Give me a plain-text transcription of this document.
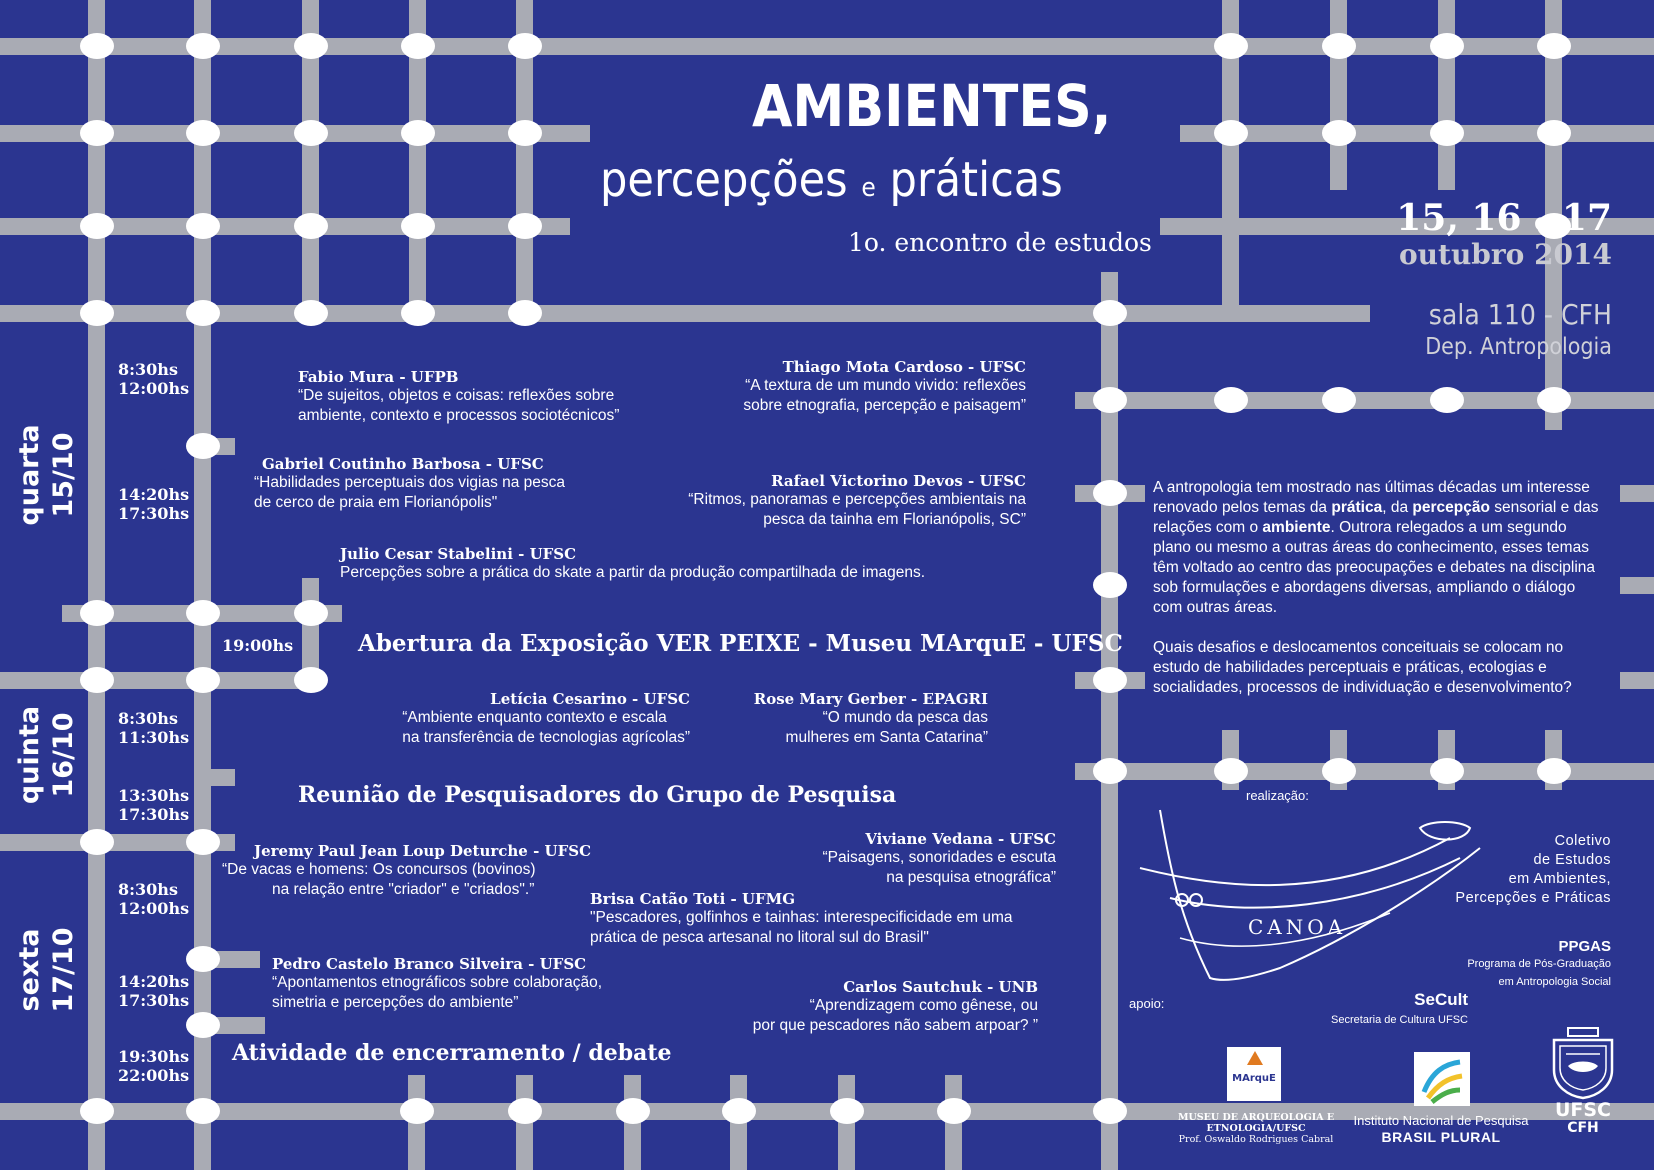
AMBIENTES,
percepções e práticas
1o. encontro de estudos
15, 16 e 17
outubro 2014
sala 110 - CFH
Dep. Antropologia
quarta 15/10
quinta 16/10
sexta 17/10
8:30hs
12:00hs
14:20hs
17:30hs
19:00hs
8:30hs
11:30hs
13:30hs
17:30hs
8:30hs
12:00hs
14:20hs
17:30hs
19:30hs
22:00hs
Fabio Mura - UFPB
“De sujeitos, objetos e coisas: reflexões sobre
ambiente, contexto e processos sociotécnicos”
Thiago Mota Cardoso - UFSC
“A textura de um mundo vivido: reflexões
sobre etnografia, percepção e paisagem”
Gabriel Coutinho Barbosa - UFSC
“Habilidades perceptuais dos vigias na pesca
de cerco de praia em Florianópolis"
Rafael Victorino Devos - UFSC
“Ritmos, panoramas e percepções ambientais na
pesca da tainha em Florianópolis, SC”
Julio Cesar Stabelini - UFSC
Percepções sobre a prática do skate a partir da produção compartilhada de imagens.
Abertura da Exposição VER PEIXE - Museu MArquE - UFSC
Letícia Cesarino - UFSC
“Ambiente enquanto contexto e escala
na transferência de tecnologias agrícolas”
Rose Mary Gerber - EPAGRI
“O mundo da pesca das
mulheres em Santa Catarina”
Reunião de Pesquisadores do Grupo de Pesquisa
Jeremy Paul Jean Loup Deturche - UFSC
“De vacas e homens: Os concursos (bovinos)
na relação entre "criador" e "criados".”
Viviane Vedana - UFSC
“Paisagens, sonoridades e escuta
na pesquisa etnográfica”
Brisa Catão Toti - UFMG
"Pescadores, golfinhos e tainhas: interespecificidade em uma
prática de pesca artesanal no litoral sul do Brasil"
Pedro Castelo Branco Silveira - UFSC
“Apontamentos etnográficos sobre colaboração,
simetria e percepções do ambiente”
Carlos Sautchuk - UNB
“Aprendizagem como gênese, ou
por que pescadores não sabem arpoar? ”
Atividade de encerramento / debate
A antropologia tem mostrado nas últimas décadas um interesse
renovado pelos temas da prática, da percepção sensorial e das
relações com o ambiente. Outrora relegados a um segundo
plano ou mesmo a outras áreas do conhecimento, esses temas
têm voltado ao centro das preocupações e debates na disciplina
sob formulações e abordagens diversas, ampliando o diálogo
com outras áreas.
Quais desafios e deslocamentos conceituais se colocam no
estudo de habilidades perceptuais e práticas, ecologias e
socialidades, processos de individuação e desenvolvimento?
realização:
CANOA
Coletivo
de Estudos
em Ambientes,
Percepções e Práticas
PPGAS
Programa de Pós-Graduação
em Antropologia Social
apoio:	SeCult
Secretaria de Cultura UFSC
MArquE
MUSEU DE ARQUEOLOGIA E
ETNOLOGIA/UFSC
Prof. Oswaldo Rodrigues Cabral
Instituto Nacional de Pesquisa
BRASIL PLURAL
UFSC
CFH
